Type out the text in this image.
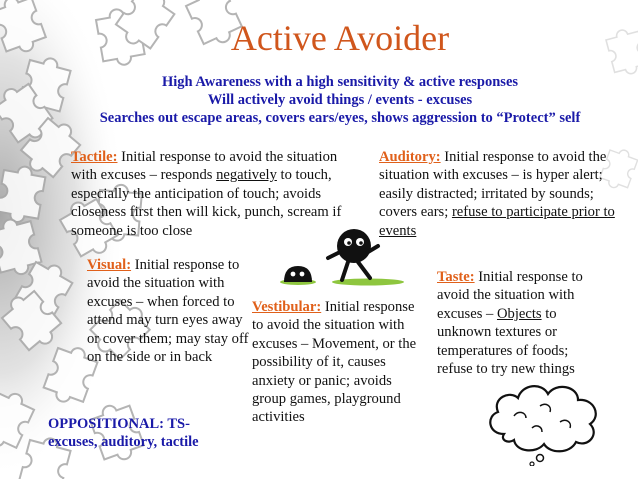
Active Avoider
High Awareness with a high sensitivity & active responses
Will actively avoid things / events - excuses
Searches out escape areas, covers ears/eyes, shows aggression to “Protect” self
Tactile: Initial response to avoid the situation with excuses – responds negatively to touch, especially the anticipation of touch; avoids closeness first then will kick, punch, scream if someone is too close
Auditory: Initial response to avoid the situation with excuses – is hyper alert; easily distracted; irritated by sounds; covers ears; refuse to participate prior to events
Visual: Initial response to avoid the situation with excuses – when forced to attend may turn eyes away or cover them; may stay off on the side or in back
Vestibular: Initial response to avoid the situation with excuses – Movement, or the possibility of it, causes anxiety or panic; avoids group games, playground activities
Taste: Initial response to avoid the situation with excuses – Objects to unknown textures or temperatures of foods; refuse to try new things
OPPOSITIONAL: TS-
excuses, auditory, tactile
